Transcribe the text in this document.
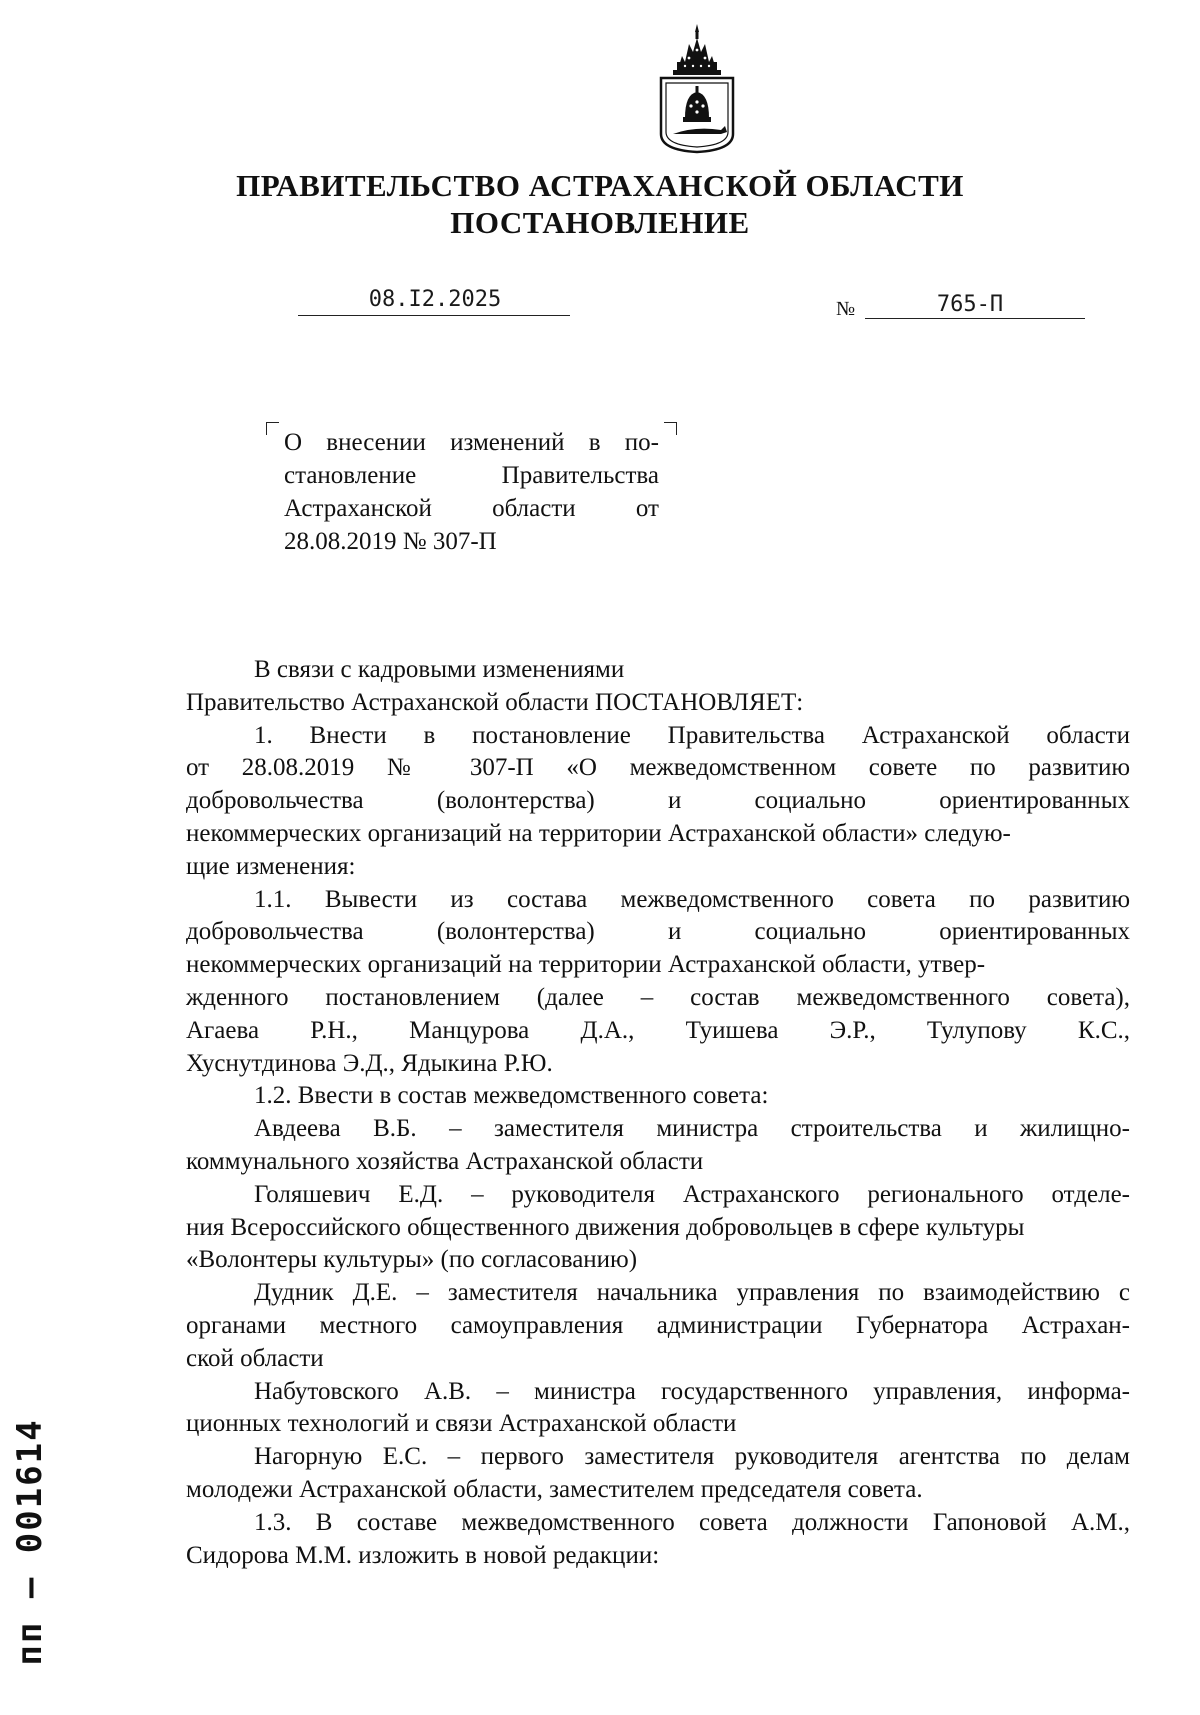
ПРАВИТЕЛЬСТВО АСТРАХАНСКОЙ ОБЛАСТИ
ПОСТАНОВЛЕНИЕ
08.I2.2025	№	765-П
О внесении изменений в по-
становление Правительства
Астраханской области от
28.08.2019 № 307-П
В связи с кадровыми изменениями
Правительство Астраханской области ПОСТАНОВЛЯЕТ:
1. Внести в постановление Правительства Астраханской области
от 28.08.2019 № 307-П «О межведомственном совете по развитию
добровольчества (волонтерства) и социально ориентированных
некоммерческих организаций на территории Астраханской области» следую-
щие изменения:
1.1. Вывести из состава межведомственного совета по развитию
добровольчества (волонтерства) и социально ориентированных
некоммерческих организаций на территории Астраханской области, утвер-
жденного постановлением (далее – состав межведомственного совета),
Агаева Р.Н., Манцурова Д.А., Туишева Э.Р., Тулупову К.С.,
Хуснутдинова Э.Д., Ядыкина Р.Ю.
1.2. Ввести в состав межведомственного совета:
Авдеева В.Б. – заместителя министра строительства и жилищно-
коммунального хозяйства Астраханской области
Голяшевич Е.Д. – руководителя Астраханского регионального отделе-
ния Всероссийского общественного движения добровольцев в сфере культуры
«Волонтеры культуры» (по согласованию)
Дудник Д.Е. – заместителя начальника управления по взаимодействию с
органами местного самоуправления администрации Губернатора Астрахан-
ской области
Набутовского А.В. – министра государственного управления, информа-
ционных технологий и связи Астраханской области
Нагорную Е.С. – первого заместителя руководителя агентства по делам
молодежи Астраханской области, заместителем председателя совета.
1.3. В составе межведомственного совета должности Гапоновой А.М.,
Сидорова М.М. изложить в новой редакции:
пп – 001614
